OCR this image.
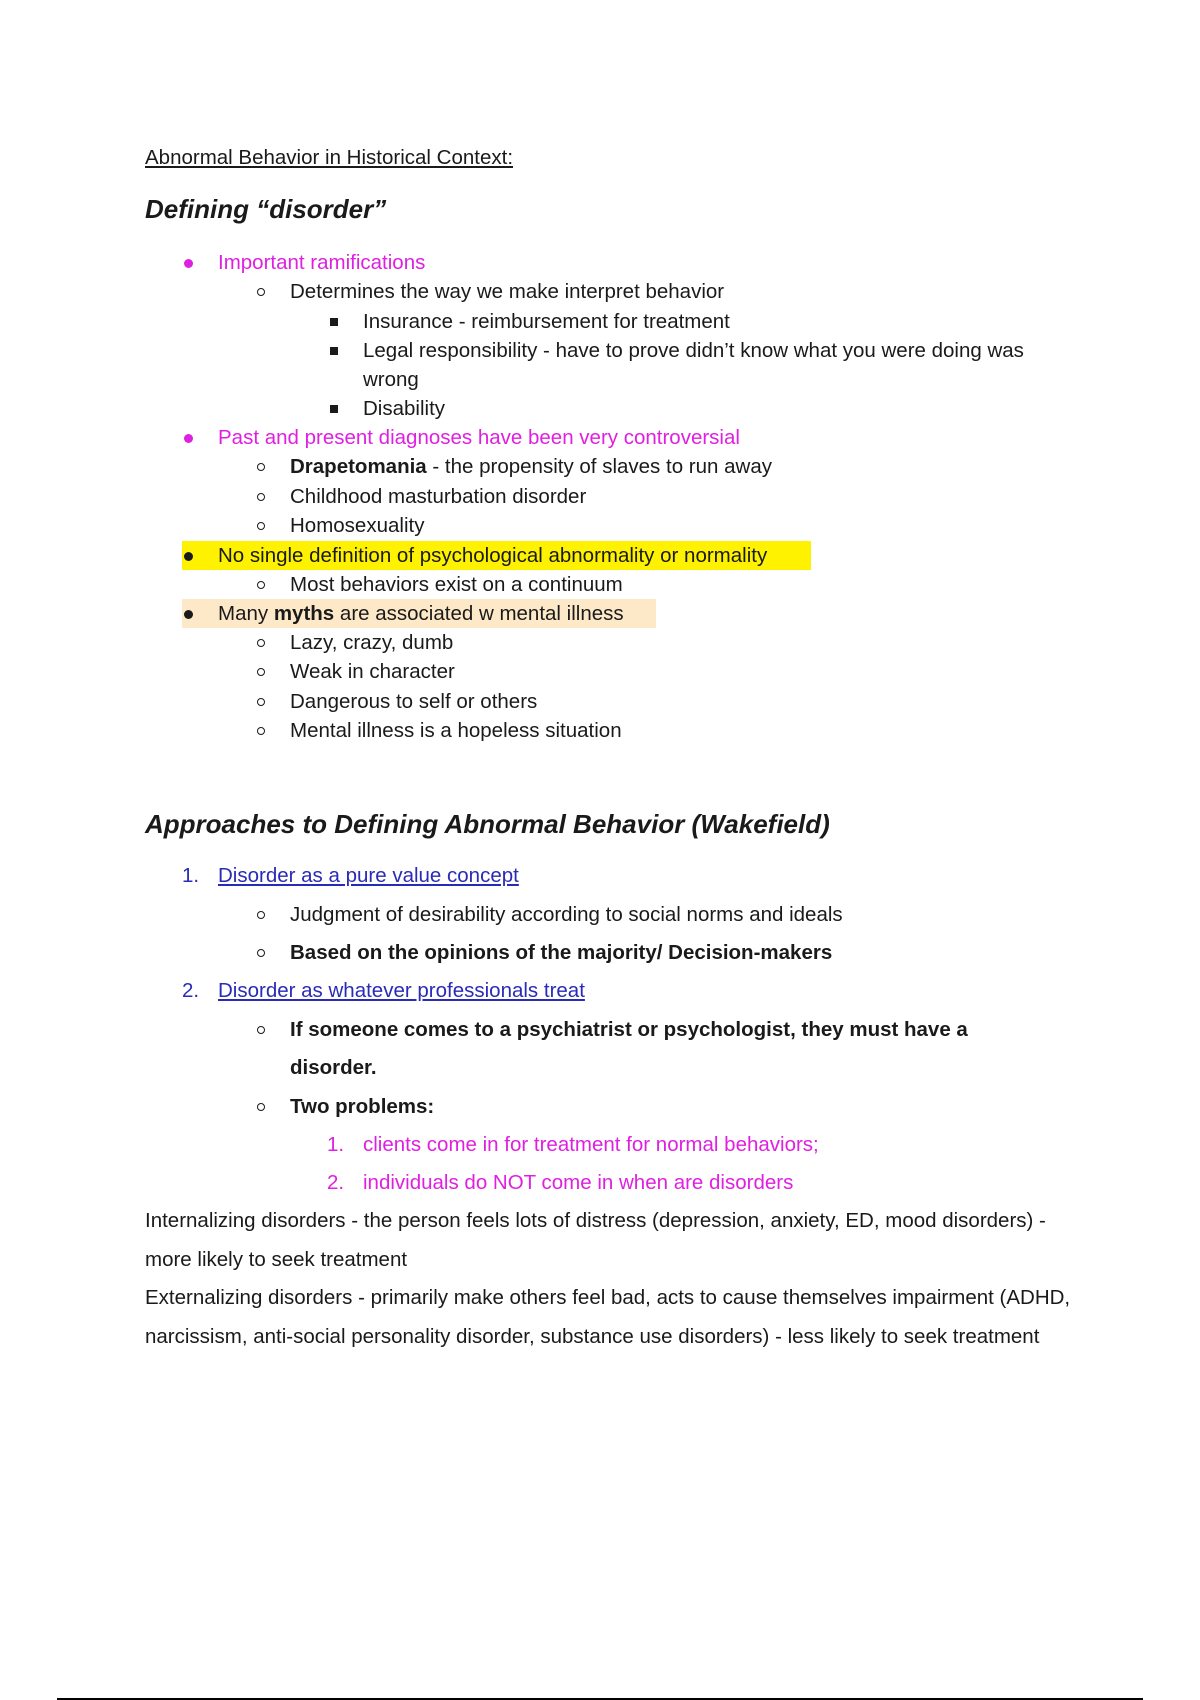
Abnormal Behavior in Historical Context:
Defining “disorder”
Important ramifications
Determines the way we make interpret behavior
Insurance - reimbursement for treatment
Legal responsibility - have to prove didn’t know what you were doing was
wrong
Disability
Past and present diagnoses have been very controversial
Drapetomania - the propensity of slaves to run away
Childhood masturbation disorder
Homosexuality
No single definition of psychological abnormality or normality
Most behaviors exist on a continuum
Many myths are associated w mental illness
Lazy, crazy, dumb
Weak in character
Dangerous to self or others
Mental illness is a hopeless situation
Approaches to Defining Abnormal Behavior (Wakefield)
1. Disorder as a pure value concept
Judgment of desirability according to social norms and ideals
Based on the opinions of the majority/ Decision-makers
2. Disorder as whatever professionals treat
If someone comes to a psychiatrist or psychologist, they must have a
disorder.
Two problems:
1. clients come in for treatment for normal behaviors;
2. individuals do NOT come in when are disorders
Internalizing disorders - the person feels lots of distress (depression, anxiety, ED, mood disorders) - more likely to seek treatment
Externalizing disorders - primarily make others feel bad, acts to cause themselves impairment (ADHD, narcissism, anti-social personality disorder, substance use disorders) - less likely to seek treatment
